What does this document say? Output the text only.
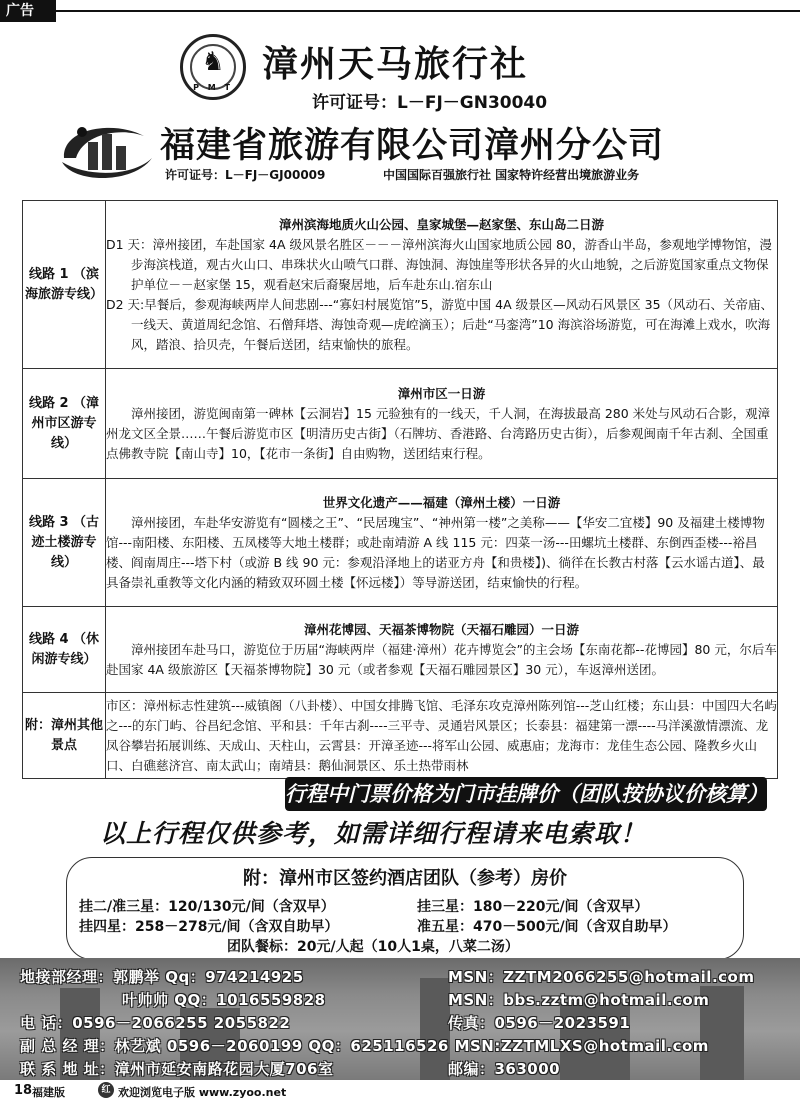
广告
♞
P M T
漳州天马旅行社
许可证号：L－FJ－GN30040
福建省旅游有限公司漳州分公司
许可证号：L－FJ－GJ00009	中国国际百强旅行社 国家特许经营出境旅游业务
线路 1 （滨海旅游专线）	漳州滨海地质火山公园、皇家城堡—赵家堡、东山岛二日游

D1 天：漳州接团，车赴国家 4A 级风景名胜区－－－漳州滨海火山国家地质公园 80，游香山半岛，参观地学博物馆，漫步海滨栈道，观古火山口、串珠状火山喷气口群、海蚀洞、海蚀崖等形状各异的火山地貌，之后游览国家重点文物保护单位－－赵家堡 15，观看赵宋后裔聚居地，后车赴东山.宿东山

D2 天:早餐后，参观海峡两岸人间悲剧---“寡妇村展览馆”5，游览中国 4A 级景区—风动石风景区 35（风动石、关帝庙、一线天、黄道周纪念馆、石僧拜塔、海蚀奇观—虎崆滴玉）；后赴“马銮湾”10 海滨浴场游览，可在海滩上戏水，吹海风，踏浪、拾贝壳，午餐后送团，结束愉快的旅程。

线路 2 （漳州市区游专线）	漳州市区一日游

漳州接团，游览闽南第一碑林【云洞岩】15 元验独有的一线天，千人洞，在海拔最高 280 米处与风动石合影，观漳州龙文区全景……午餐后游览市区【明清历史古街】（石牌坊、香港路、台湾路历史古街），后参观闽南千年古刹、全国重点佛教寺院【南山寺】10，【花市一条街】自由购物，送团结束行程。

线路 3 （古迹土楼游专线）	世界文化遗产——福建（漳州土楼）一日游

漳州接团，车赴华安游览有“圆楼之王”、“民居瑰宝”、“神州第一楼”之美称——【华安二宜楼】90 及福建土楼博物馆---南阳楼、东阳楼、五凤楼等大地土楼群；或赴南靖游 A 线 115 元：四菜一汤---田螺坑土楼群、东倒西歪楼---裕昌楼、阎南周庄---塔下村（或游 B 线 90 元：参观沿泽地上的诺亚方舟【和贵楼】)、徜徉在长教古村落【云水谣古道】、最具备崇礼重教等文化内涵的精致双环圆土楼【怀远楼】）等导游送团，结束愉快的行程。

线路 4 （休闲游专线）	漳州花博园、天福茶博物院（天福石雕园）一日游

漳州接团车赴马口，游览位于历届“海峡两岸（福建·漳州）花卉博览会”的主会场【东南花都--花博园】80 元，尔后车赴国家 4A 级旅游区【天福茶博物院】30 元（或者参观【天福石雕园景区】30 元），车返漳州送团。

附：漳州其他景点	市区：漳州标志性建筑---威镇阁（八卦楼）、中国女排腾飞馆、毛泽东攻克漳州陈列馆---芝山红楼；东山县：中国四大名屿之---的东门屿、谷昌纪念馆、平和县：千年古刹----三平寺、灵通岩风景区；长泰县：福建第一漂----马洋溪激情漂流、龙凤谷攀岩拓展训练、天成山、天柱山，云霄县：开漳圣迹---将军山公园、威惠庙；龙海市：龙佳生态公园、隆教乡火山口、白礁慈济宫、南太武山；南靖县：鹅仙洞景区、乐土热带雨林

行程中门票价格为门市挂牌价（团队按协议价核算）
以上行程仅供参考，如需详细行程请来电索取！
附：漳州市区签约酒店团队（参考）房价
挂二/准三星：120/130元/间（含双早）	挂三星：180－220元/间（含双早）
挂四星：258－278元/间（含双自助早）	准五星：470－500元/间（含双自助早）
团队餐标：20元/人起（10人1桌，八菜二汤）
地接部经理：郭鹏举 Qq：974214925	MSN：ZZTM2066255@hotmail.com
叶帅帅 QQ：1016559828	MSN：bbs.zztm@hotmail.com
电 话：0596－2066255 2055822	传真：0596－2023591
副 总 经 理：林艺斌 0596－2060199 QQ：625116526 MSN:ZZTMLXS@hotmail.com
联 系 地 址：漳州市延安南路花园大厦706室	邮编：363000
18 福建版	红 欢迎浏览电子版 www.zyoo.net
